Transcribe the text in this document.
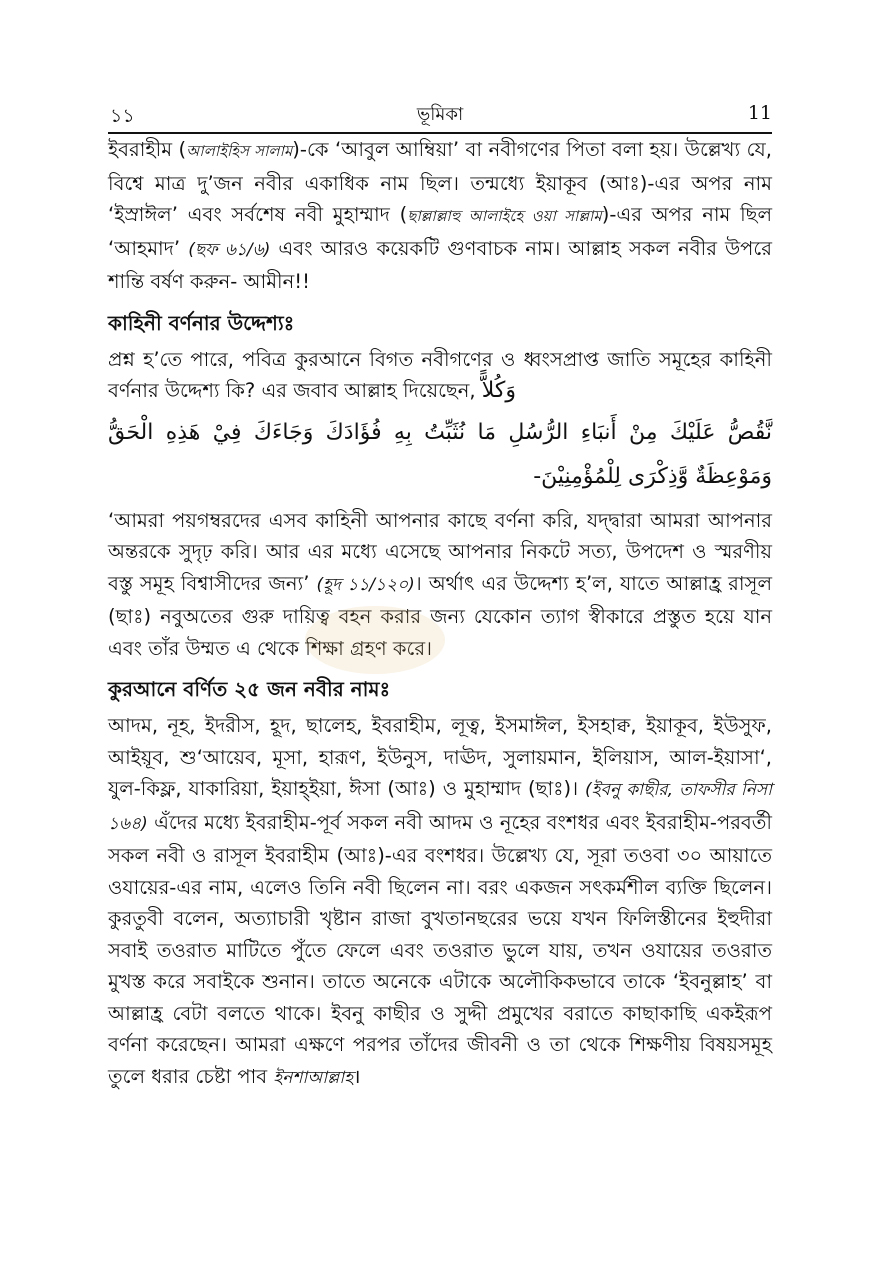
১১	ভূমিকা	11

ইবরাহীম (আলাইহিস সালাম)-কে ‘আবুল আম্বিয়া’ বা নবীগণের পিতা বলা হয়। উল্লেখ্য যে, বিশ্বে মাত্র দু’জন নবীর একাধিক নাম ছিল। তন্মধ্যে ইয়াকূব (আঃ)-এর অপর নাম ‘ইস্রাঈল’ এবং সর্বশেষ নবী মুহাম্মাদ (ছাল্লাল্লাহু আলাইহে ওয়া সাল্লাম)-এর অপর নাম ছিল ‘আহমাদ’ (ছফ ৬১/৬) এবং আরও কয়েকটি গুণবাচক নাম। আল্লাহ সকল নবীর উপরে শান্তি বর্ষণ করুন- আমীন!!

কাহিনী বর্ণনার উদ্দেশ্যঃ

প্রশ্ন হ’তে পারে, পবিত্র কুরআনে বিগত নবীগণের ও ধ্বংসপ্রাপ্ত জাতি সমূহের কাহিনী বর্ণনার উদ্দেশ্য কি? এর জবাব আল্লাহ দিয়েছেন, وَكُلاًّ

نَّقُصُّ عَلَيْكَ مِنْ أَنبَاءِ الرُّسُلِ مَا نُثَبِّتُ بِهِ فُؤَادَكَ وَجَاءَكَ فِيْ هَذِهِ الْحَقُّ وَمَوْعِظَةٌ وَّذِكْرَى لِلْمُؤْمِنِيْنَ-

‘আমরা পয়গম্বরদের এসব কাহিনী আপনার কাছে বর্ণনা করি, যদ্দ্বারা আমরা আপনার অন্তরকে সুদৃঢ় করি। আর এর মধ্যে এসেছে আপনার নিকটে সত্য, উপদেশ ও স্মরণীয় বস্তু সমূহ বিশ্বাসীদের জন্য’ (হূদ ১১/১২০)। অর্থাৎ এর উদ্দেশ্য হ’ল, যাতে আল্লাহ্র রাসূল (ছাঃ) নবুঅতের গুরু দায়িত্ব বহন করার জন্য যেকোন ত্যাগ স্বীকারে প্রস্তুত হয়ে যান এবং তাঁর উম্মত এ থেকে শিক্ষা গ্রহণ করে।

কুরআনে বর্ণিত ২৫ জন নবীর নামঃ

আদম, নূহ, ইদরীস, হূদ, ছালেহ, ইবরাহীম, লূত্ব, ইসমাঈল, ইসহাক্ব, ইয়াকূব, ইউসুফ, আইয়ূব, শু‘আয়েব, মূসা, হারূণ, ইউনুস, দাঊদ, সুলায়মান, ইলিয়াস, আল-ইয়াসা‘, যুল-কিফ্ল, যাকারিয়া, ইয়াহ্ইয়া, ঈসা (আঃ) ও মুহাম্মাদ (ছাঃ)। (ইবনু কাছীর, তাফসীর নিসা ১৬৪) এঁদের মধ্যে ইবরাহীম-পূর্ব সকল নবী আদম ও নূহের বংশধর এবং ইবরাহীম-পরবর্তী সকল নবী ও রাসূল ইবরাহীম (আঃ)-এর বংশধর। উল্লেখ্য যে, সূরা তওবা ৩০ আয়াতে ওযায়ের-এর নাম, এলেও তিনি নবী ছিলেন না। বরং একজন সৎকর্মশীল ব্যক্তি ছিলেন। কুরতুবী বলেন, অত্যাচারী খৃষ্টান রাজা বুখতানছরের ভয়ে যখন ফিলিস্তীনের ইহুদীরা সবাই তওরাত মাটিতে পুঁতে ফেলে এবং তওরাত ভুলে যায়, তখন ওযায়ের তওরাত মুখস্ত করে সবাইকে শুনান। তাতে অনেকে এটাকে অলৌকিকভাবে তাকে ‘ইবনুল্লাহ’ বা আল্লাহ্র বেটা বলতে থাকে। ইবনু কাছীর ও সুদ্দী প্রমুখের বরাতে কাছাকাছি একইরূপ বর্ণনা করেছেন। আমরা এক্ষণে পরপর তাঁদের জীবনী ও তা থেকে শিক্ষণীয় বিষয়সমূহ তুলে ধরার চেষ্টা পাব ইনশাআল্লাহ।
